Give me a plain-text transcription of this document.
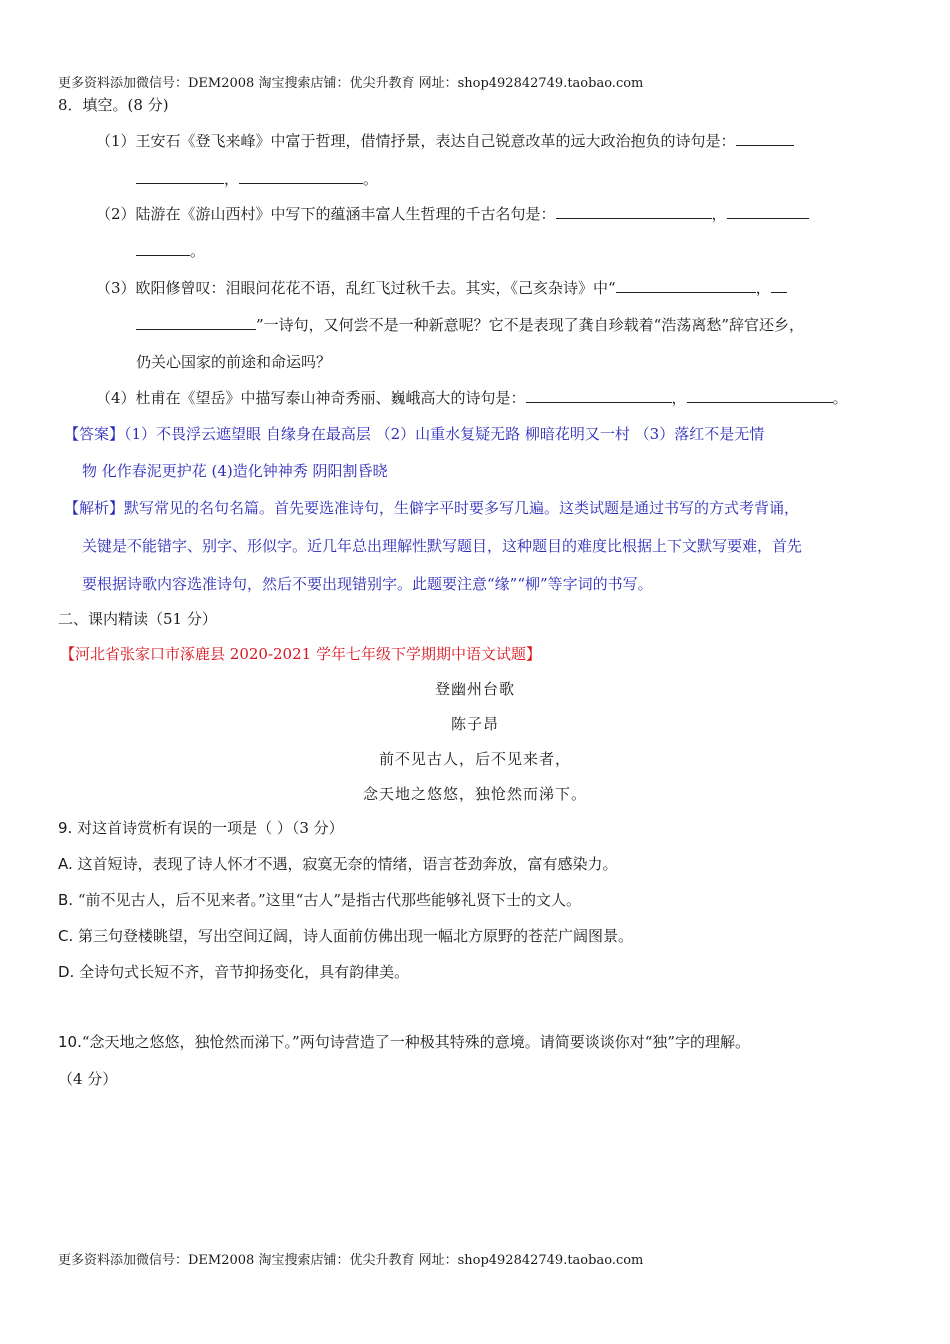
更多资料添加微信号：DEM2008 淘宝搜索店铺：优尖升教育 网址：shop492842749.taobao.com
8．填空。(8 分)
（1）王安石《登飞来峰》中富于哲理，借情抒景，表达自己锐意改革的远大政治抱负的诗句是：
，	。
（2）陆游在《游山西村》中写下的蕴涵丰富人生哲理的千古名句是：	，
。
（3）欧阳修曾叹：泪眼问花花不语，乱红飞过秋千去。其实，《己亥杂诗》中“	，
”一诗句，又何尝不是一种新意呢？它不是表现了龚自珍载着“浩荡离愁”辞官还乡，
仍关心国家的前途和命运吗？
（4）杜甫在《望岳》中描写泰山神奇秀丽、巍峨高大的诗句是：	，	。
【答案】（1）不畏浮云遮望眼 自缘身在最高层 （2）山重水复疑无路 柳暗花明又一村 （3）落红不是无情
物 化作春泥更护花 (4)造化钟神秀 阴阳割昏晓
【解析】默写常见的名句名篇。首先要选准诗句，生僻字平时要多写几遍。这类试题是通过书写的方式考背诵，
关键是不能错字、别字、形似字。近几年总出理解性默写题目，这种题目的难度比根据上下文默写要难，首先
要根据诗歌内容选准诗句，然后不要出现错别字。此题要注意“缘”“柳”等字词的书写。
二、课内精读（51 分）
【河北省张家口市涿鹿县 2020-2021 学年七年级下学期期中语文试题】
登幽州台歌
陈子昂
前不见古人，后不见来者，
念天地之悠悠，独怆然而涕下。
9. 对这首诗赏析有误的一项是（ ）（3 分）
A. 这首短诗，表现了诗人怀才不遇，寂寞无奈的情绪，语言苍劲奔放，富有感染力。
B. “前不见古人，后不见来者。”这里“古人”是指古代那些能够礼贤下士的文人。
C. 第三句登楼眺望，写出空间辽阔，诗人面前仿佛出现一幅北方原野的苍茫广阔图景。
D. 全诗句式长短不齐，音节抑扬变化，具有韵律美。
10.“念天地之悠悠，独怆然而涕下。”两句诗营造了一种极其特殊的意境。请简要谈谈你对“独”字的理解。
（4 分）
更多资料添加微信号：DEM2008 淘宝搜索店铺：优尖升教育 网址：shop492842749.taobao.com
